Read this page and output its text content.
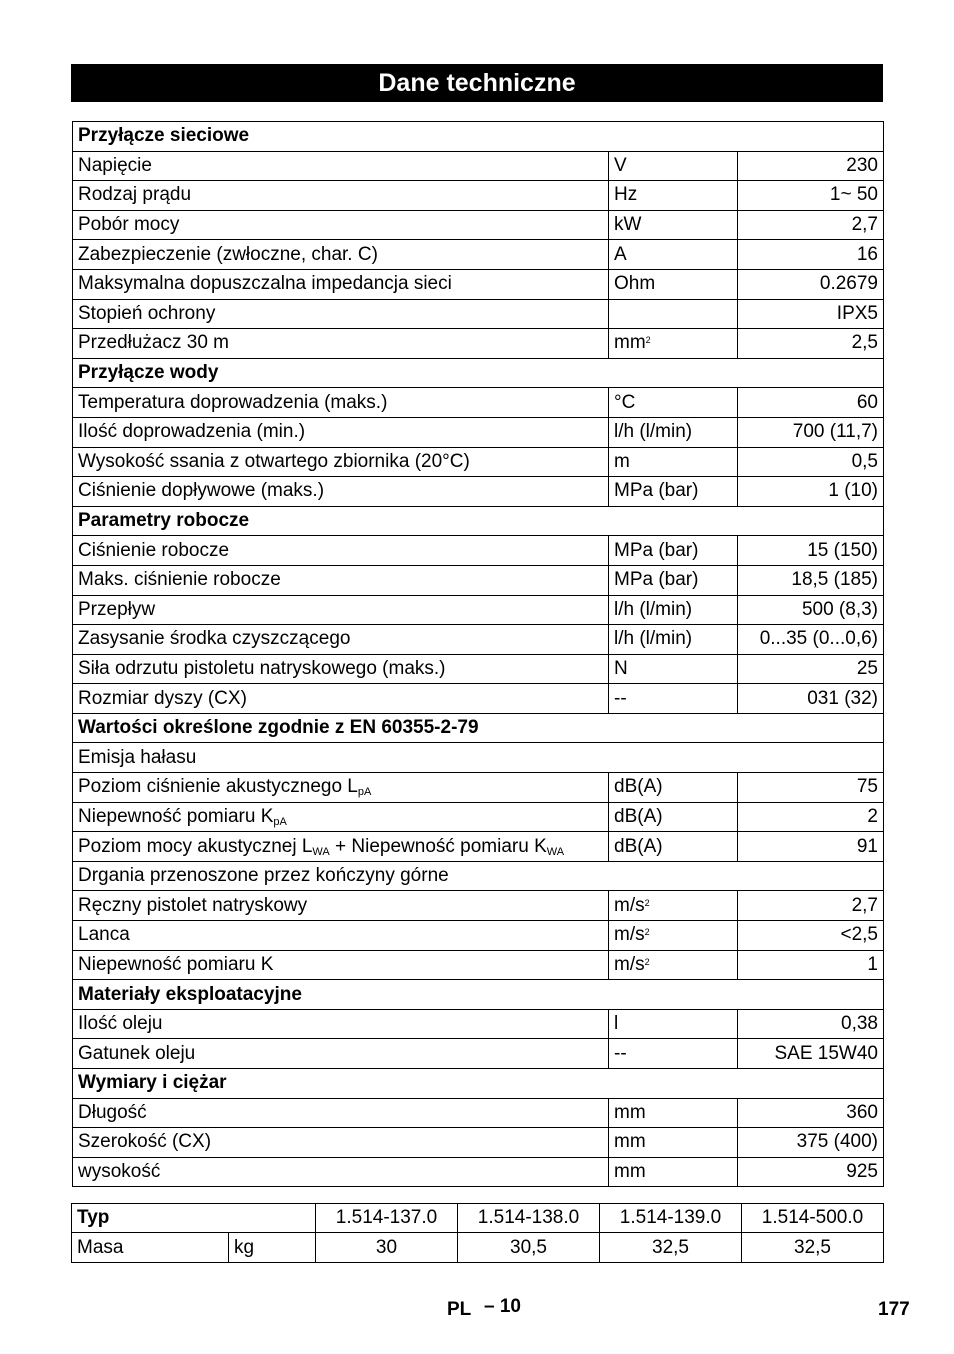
Dane techniczne
Przyłącze sieciowe		
Napięcie	V	230
Rodzaj prądu	Hz	1~ 50
Pobór mocy	kW	2,7
Zabezpieczenie (zwłoczne, char. C)	A	16
Maksymalna dopuszczalna impedancja sieci	Ohm	0.2679
Stopień ochrony		IPX5
Przedłużacz 30 m	$mm^2$	2,5
Przyłącze wody		
Temperatura doprowadzenia (maks.)	°C	60
Ilość doprowadzenia (min.)	l/h (l/min)	700 (11,7)
Wysokość ssania z otwartego zbiornika (20°C)	m	0,5
Ciśnienie dopływowe (maks.)	MPa (bar)	1 (10)
Parametry robocze		
Ciśnienie robocze	MPa (bar)	15 (150)
Maks. ciśnienie robocze	MPa (bar)	18,5 (185)
Przepływ	l/h (l/min)	500 (8,3)
Zasysanie środka czyszczącego	l/h (l/min)	0...35 (0...0,6)
Siła odrzutu pistoletu natryskowego (maks.)	N	25
Rozmiar dyszy (CX)	--	031 (32)
Wartości określone zgodnie z EN 60355-2-79		
Emisja hałasu		
Poziom ciśnienie akustycznego $L_{pA}$	dB(A)	75
Niepewność pomiaru $K_{pA}$	dB(A)	2
Poziom mocy akustycznej $L_{WA}$ + Niepewność pomiaru $K_{WA}$	dB(A)	91
Drgania przenoszone przez kończyny górne		
Ręczny pistolet natryskowy	$m/s^2$	2,7
Lanca	$m/s^2$	<2,5
Niepewność pomiaru K	$m/s^2$	1
Materiały eksploatacyjne		
Ilość oleju	l	0,38
Gatunek oleju	--	SAE 15W40
Wymiary i ciężar		
Długość	mm	360
Szerokość (CX)	mm	375 (400)
wysokość	mm	925
Typ		1.514-137.0	1.514-138.0	1.514-139.0	1.514-500.0
Masa	kg	30	30,5	32,5	32,5
PL – 10	177
